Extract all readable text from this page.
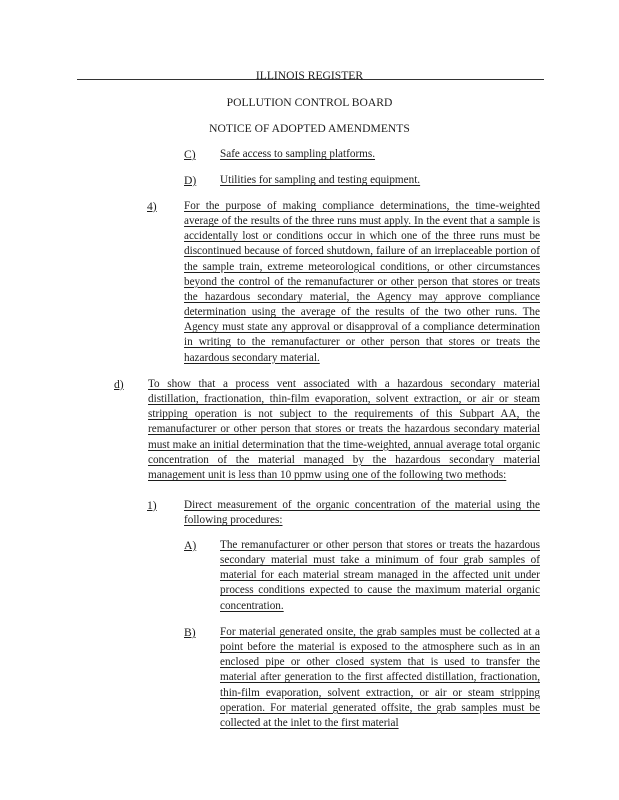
ILLINOIS REGISTER
POLLUTION CONTROL BOARD
NOTICE OF ADOPTED AMENDMENTS
C) Safe access to sampling platforms.
D) Utilities for sampling and testing equipment.
4) For the purpose of making compliance determinations, the time-weighted average of the results of the three runs must apply. In the event that a sample is accidentally lost or conditions occur in which one of the three runs must be discontinued because of forced shutdown, failure of an irreplaceable portion of the sample train, extreme meteorological conditions, or other circumstances beyond the control of the remanufacturer or other person that stores or treats the hazardous secondary material, the Agency may approve compliance determination using the average of the results of the two other runs. The Agency must state any approval or disapproval of a compliance determination in writing to the remanufacturer or other person that stores or treats the hazardous secondary material.
d) To show that a process vent associated with a hazardous secondary material distillation, fractionation, thin-film evaporation, solvent extraction, or air or steam stripping operation is not subject to the requirements of this Subpart AA, the remanufacturer or other person that stores or treats the hazardous secondary material must make an initial determination that the time-weighted, annual average total organic concentration of the material managed by the hazardous secondary material management unit is less than 10 ppmw using one of the following two methods:
1) Direct measurement of the organic concentration of the material using the following procedures:
A) The remanufacturer or other person that stores or treats the hazardous secondary material must take a minimum of four grab samples of material for each material stream managed in the affected unit under process conditions expected to cause the maximum material organic concentration.
B) For material generated onsite, the grab samples must be collected at a point before the material is exposed to the atmosphere such as in an enclosed pipe or other closed system that is used to transfer the material after generation to the first affected distillation, fractionation, thin-film evaporation, solvent extraction, or air or steam stripping operation. For material generated offsite, the grab samples must be collected at the inlet to the first material
